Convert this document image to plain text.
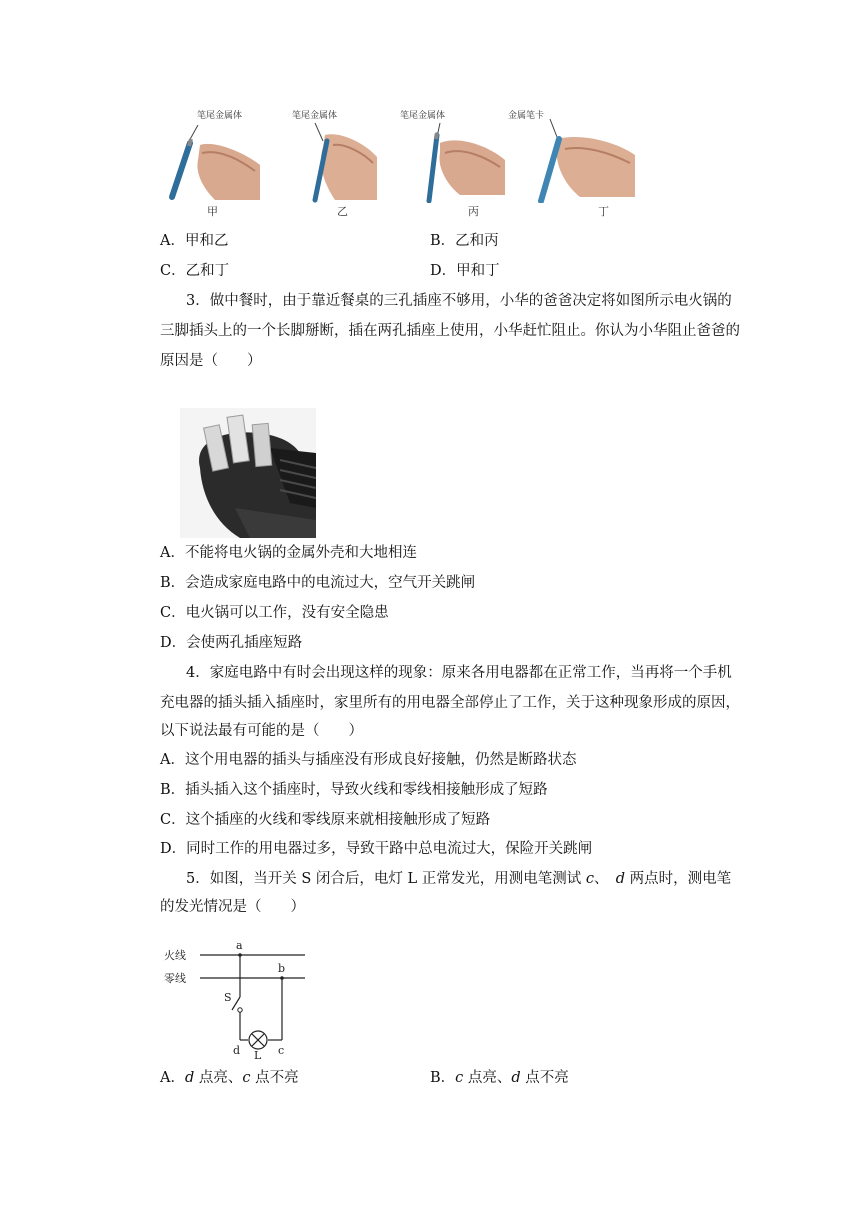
笔尾金属体	笔尾金属体	笔尾金属体	金属笔卡
甲	乙	丙	丁
A．甲和乙	B．乙和丙
C．乙和丁	D．甲和丁
3．做中餐时，由于靠近餐桌的三孔插座不够用，小华的爸爸决定将如图所示电火锅的
三脚插头上的一个长脚掰断，插在两孔插座上使用，小华赶忙阻止。你认为小华阻止爸爸的
原因是（　　）
A．不能将电火锅的金属外壳和大地相连
B．会造成家庭电路中的电流过大，空气开关跳闸
C．电火锅可以工作，没有安全隐患
D．会使两孔插座短路
4．家庭电路中有时会出现这样的现象：原来各用电器都在正常工作，当再将一个手机
充电器的插头插入插座时，家里所有的用电器全部停止了工作，关于这种现象形成的原因，
以下说法最有可能的是（　　）
A．这个用电器的插头与插座没有形成良好接触，仍然是断路状态
B．插头插入这个插座时，导致火线和零线相接触形成了短路
C．这个插座的火线和零线原来就相接触形成了短路
D．同时工作的用电器过多，导致干路中总电流过大，保险开关跳闸
5．如图，当开关 S 闭合后，电灯 L 正常发光，用测电笔测试 c、　d 两点时，测电笔
的发光情况是（　　）
火线
零线
a
b
S
d L c
A．d 点亮、c 点不亮	B．c 点亮、d 点不亮
